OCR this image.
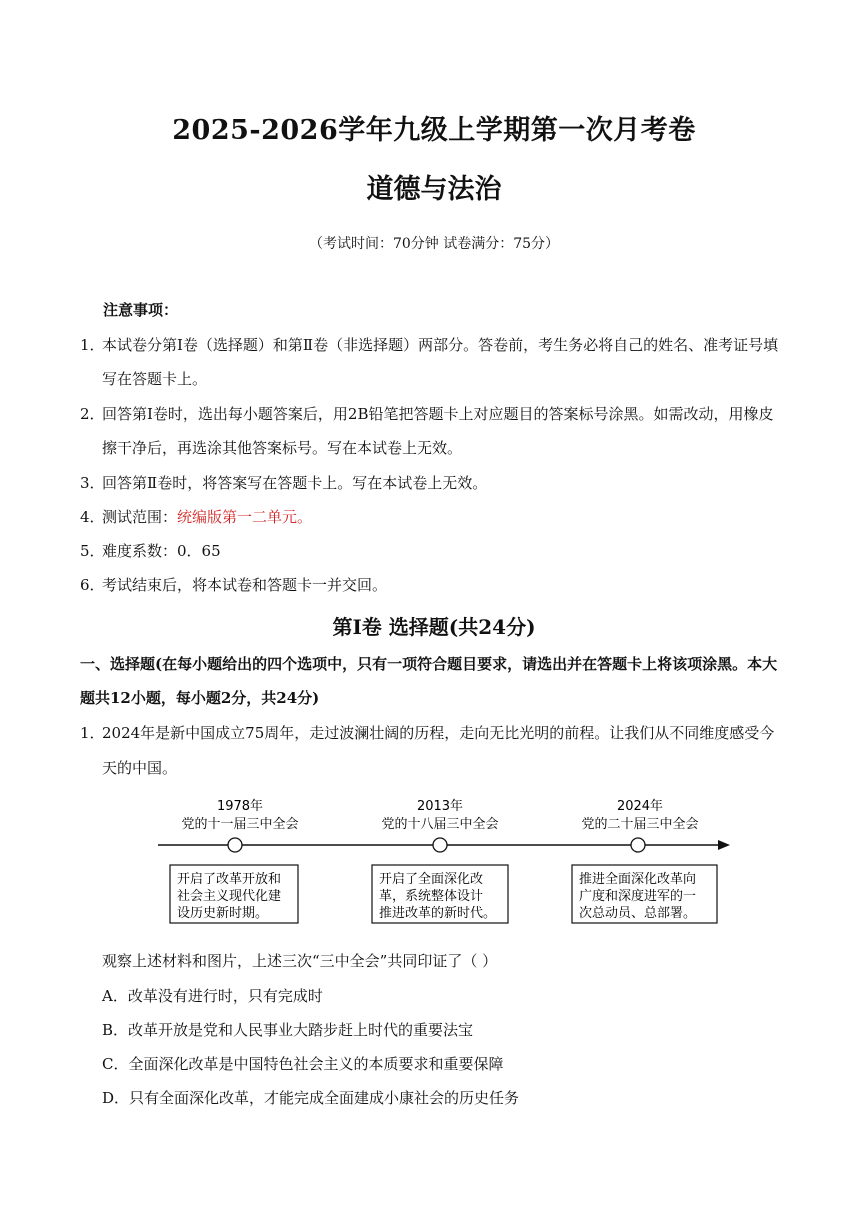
2025-2026学年九级上学期第一次月考卷
道德与法治
（考试时间：70分钟 试卷满分：75分）
注意事项：
1．本试卷分第Ⅰ卷（选择题）和第Ⅱ卷（非选择题）两部分。答卷前，考生务必将自己的姓名、准考证号填
写在答题卡上。
2．回答第Ⅰ卷时，选出每小题答案后，用2B铅笔把答题卡上对应题目的答案标号涂黑。如需改动，用橡皮
擦干净后，再选涂其他答案标号。写在本试卷上无效。
3．回答第Ⅱ卷时，将答案写在答题卡上。写在本试卷上无效。
4．测试范围：统编版第一二单元。
5．难度系数：0．65
6．考试结束后，将本试卷和答题卡一并交回。
第Ⅰ卷 选择题(共24分)
一、选择题(在每小题给出的四个选项中，只有一项符合题目要求，请选出并在答题卡上将该项涂黑。本大
题共12小题，每小题2分，共24分)
1．2024年是新中国成立75周年，走过波澜壮阔的历程，走向无比光明的前程。让我们从不同维度感受今
天的中国。
1978年
党的十一届三中全会
开启了改革开放和
社会主义现代化建
设历史新时期。
2013年
党的十八届三中全会
开启了全面深化改
革，系统整体设计
推进改革的新时代。
2024年
党的二十届三中全会
推进全面深化改革向
广度和深度进军的一
次总动员、总部署。
观察上述材料和图片，上述三次“三中全会”共同印证了（ ）
A．改革没有进行时，只有完成时
B．改革开放是党和人民事业大踏步赶上时代的重要法宝
C．全面深化改革是中国特色社会主义的本质要求和重要保障
D．只有全面深化改革，才能完成全面建成小康社会的历史任务
